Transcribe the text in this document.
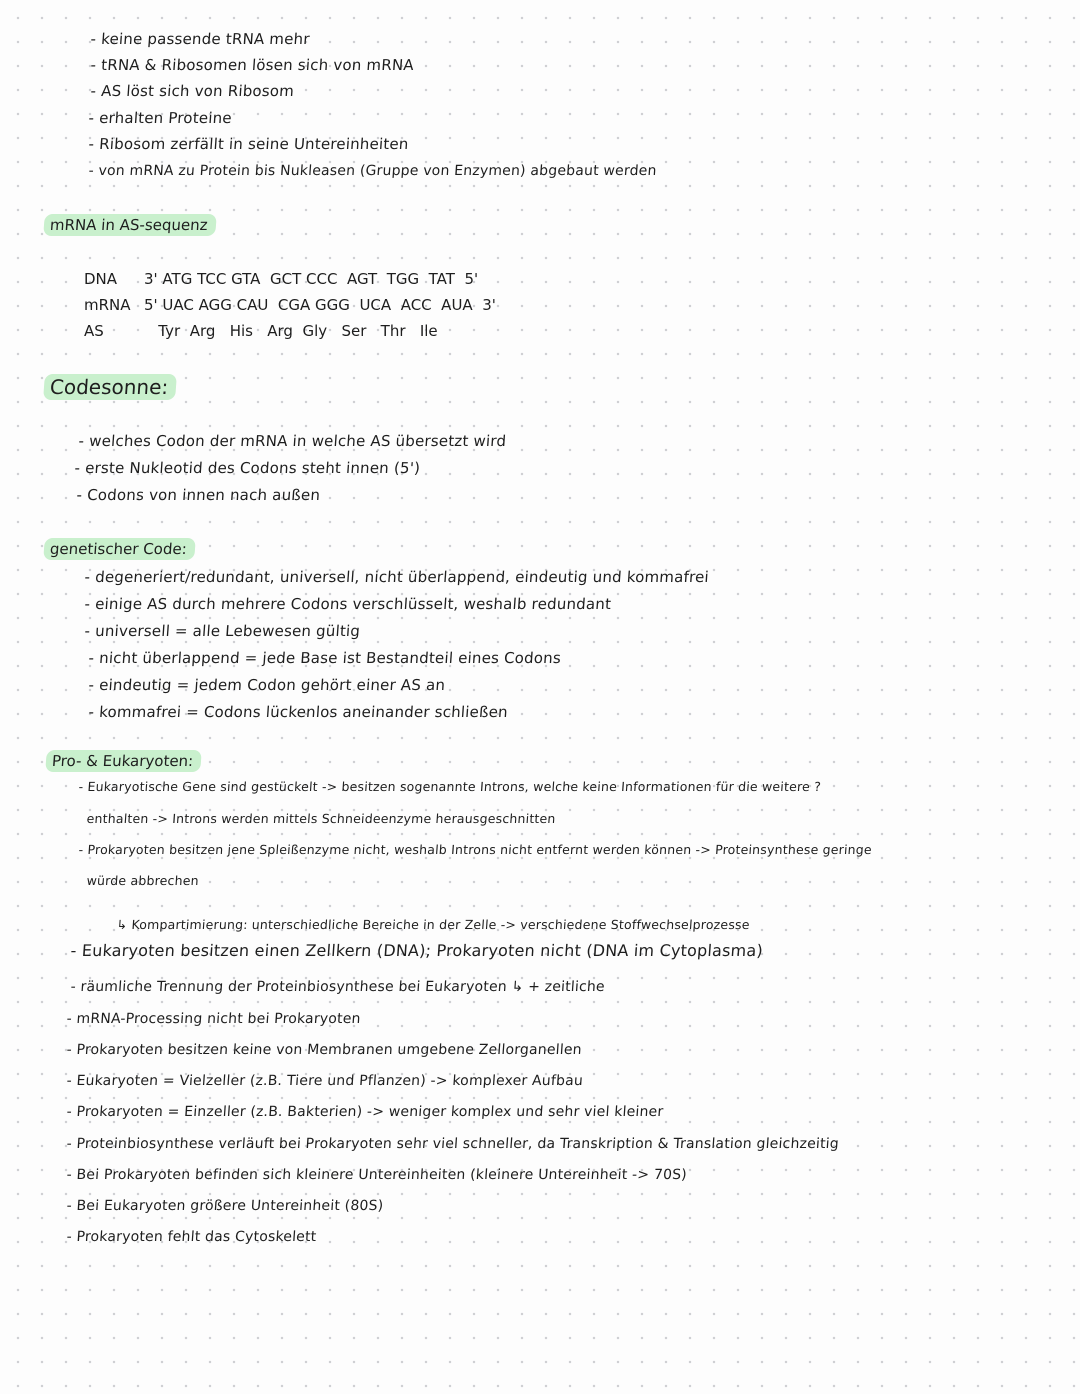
- keine passende tRNA mehr
- tRNA & Ribosomen lösen sich von mRNA
- AS löst sich von Ribosom
- erhalten Proteine
- Ribosom zerfällt in seine Untereinheiten
- von mRNA zu Protein bis Nukleasen (Gruppe von Enzymen) abgebaut werden
mRNA in AS-sequenz
DNA	3' ATG TCC GTA  GCT CCC  AGT  TGG  TAT  5'
mRNA 5' UAC AGG CAU  CGA GGG  UCA  ACC  AUA  3'
AS	Tyr  Arg   His   Arg  Gly   Ser   Thr   Ile
Codesonne:
- welches Codon der mRNA in welche AS übersetzt wird
- erste Nukleotid des Codons steht innen (5')
- Codons von innen nach außen
genetischer Code:
- degeneriert/redundant, universell, nicht überlappend, eindeutig und kommafrei
- einige AS durch mehrere Codons verschlüsselt, weshalb redundant
- universell = alle Lebewesen gültig
- nicht überlappend = jede Base ist Bestandteil eines Codons
- eindeutig = jedem Codon gehört einer AS an
- kommafrei = Codons lückenlos aneinander schließen
Pro- & Eukaryoten:
- Eukaryotische Gene sind gestückelt -> besitzen sogenannte Introns, welche keine Informationen für die weitere ?
enthalten -> Introns werden mittels Schneideenzyme herausgeschnitten
- Prokaryoten besitzen jene Spleißenzyme nicht, weshalb Introns nicht entfernt werden können -> Proteinsynthese geringe
würde abbrechen
↳ Kompartimierung: unterschiedliche Bereiche in der Zelle -> verschiedene Stoffwechselprozesse
- Eukaryoten besitzen einen Zellkern (DNA); Prokaryoten nicht (DNA im Cytoplasma)
- räumliche Trennung der Proteinbiosynthese bei Eukaryoten ↳ + zeitliche
- mRNA-Processing nicht bei Prokaryoten
- Prokaryoten besitzen keine von Membranen umgebene Zellorganellen
- Eukaryoten = Vielzeller (z.B. Tiere und Pflanzen) -> komplexer Aufbau
- Prokaryoten = Einzeller (z.B. Bakterien) -> weniger komplex und sehr viel kleiner
- Proteinbiosynthese verläuft bei Prokaryoten sehr viel schneller, da Transkription & Translation gleichzeitig
- Bei Prokaryoten befinden sich kleinere Untereinheiten (kleinere Untereinheit -> 70S)
- Bei Eukaryoten größere Untereinheit (80S)
- Prokaryoten fehlt das Cytoskelett
